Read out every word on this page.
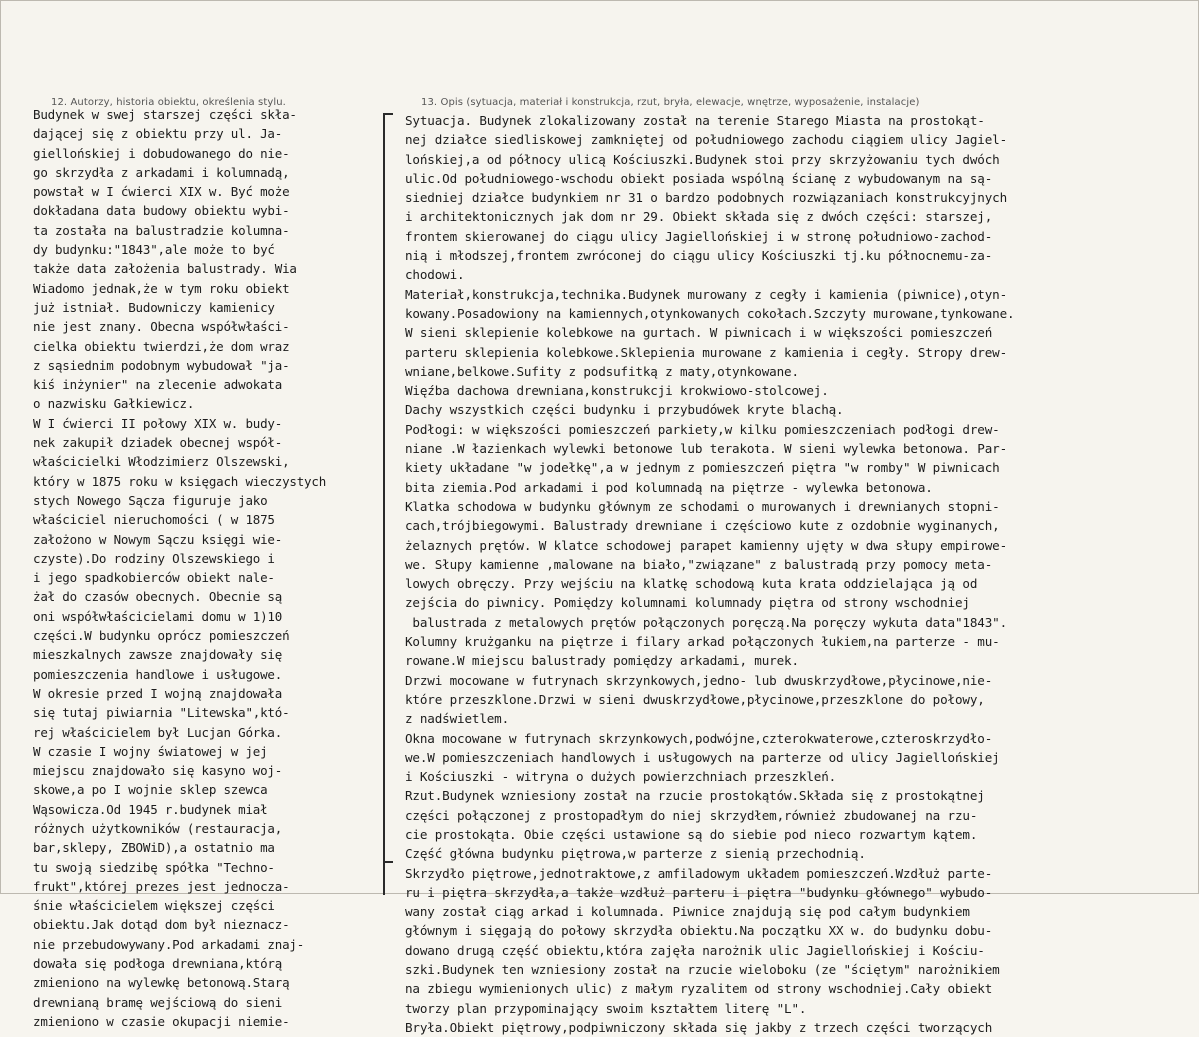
12. Autorzy, historia obiektu, określenia stylu.	13. Opis (sytuacja, materiał i konstrukcja, rzut, bryła, elewacje, wnętrze, wyposażenie, instalacje)
Budynek w swej starszej części skła-
dającej się z obiektu przy ul. Ja-
giellońskiej i dobudowanego do nie-
go skrzydła z arkadami i kolumnadą,
powstał w I ćwierci XIX w. Być może
dokładana data budowy obiektu wybi-
ta została na balustradzie kolumna-
dy budynku:"1843",ale może to być
także data założenia balustrady. Wia
Wiadomo jednak,że w tym roku obiekt
już istniał. Budowniczy kamienicy
nie jest znany. Obecna współwłaści-
cielka obiektu twierdzi,że dom wraz
z sąsiednim podobnym wybudował "ja-
kiś inżynier" na zlecenie adwokata
o nazwisku Gałkiewicz.
W I ćwierci II połowy XIX w. budy-
nek zakupił dziadek obecnej współ-
właścicielki Włodzimierz Olszewski,
który w 1875 roku w księgach wieczystych
stych Nowego Sącza figuruje jako
właściciel nieruchomości ( w 1875
założono w Nowym Sączu księgi wie-
czyste).Do rodziny Olszewskiego i
i jego spadkobierców obiekt nale-
żał do czasów obecnych. Obecnie są
oni współwłaścicielami domu w 1)10
części.W budynku oprócz pomieszczeń
mieszkalnych zawsze znajdowały się
pomieszczenia handlowe i usługowe.
W okresie przed I wojną znajdowała
się tutaj piwiarnia "Litewska",któ-
rej właścicielem był Lucjan Górka.
W czasie I wojny światowej w jej
miejscu znajdowało się kasyno woj-
skowe,a po I wojnie sklep szewca
Wąsowicza.Od 1945 r.budynek miał
różnych użytkowników (restauracja,
bar,sklepy, ZBOWiD),a ostatnio ma
tu swoją siedzibę spółka "Techno-
frukt",której prezes jest jednocza-
śnie właścicielem większej części
obiektu.Jak dotąd dom był nieznacz-
nie przebudowywany.Pod arkadami znaj-
dowała się podłoga drewniana,którą
zmieniono na wylewkę betonową.Starą
drewnianą bramę wejściową do sieni
zmieniono w czasie okupacji niemie-
Sytuacja. Budynek zlokalizowany został na terenie Starego Miasta na prostokąt-
nej działce siedliskowej zamkniętej od południowego zachodu ciągiem ulicy Jagiel-
lońskiej,a od północy ulicą Kościuszki.Budynek stoi przy skrzyżowaniu tych dwóch
ulic.Od południowego-wschodu obiekt posiada wspólną ścianę z wybudowanym na są-
siedniej działce budynkiem nr 31 o bardzo podobnych rozwiązaniach konstrukcyjnych
i architektonicznych jak dom nr 29. Obiekt składa się z dwóch części: starszej,
frontem skierowanej do ciągu ulicy Jagiellońskiej i w stronę południowo-zachod-
nią i młodszej,frontem zwróconej do ciągu ulicy Kościuszki tj.ku północnemu-za-
chodowi.
Materiał,konstrukcja,technika.Budynek murowany z cegły i kamienia (piwnice),otyn-
kowany.Posadowiony na kamiennych,otynkowanych cokołach.Szczyty murowane,tynkowane.
W sieni sklepienie kolebkowe na gurtach. W piwnicach i w większości pomieszczeń
parteru sklepienia kolebkowe.Sklepienia murowane z kamienia i cegły. Stropy drew-
wniane,belkowe.Sufity z podsufitką z maty,otynkowane.
Więźba dachowa drewniana,konstrukcji krokwiowo-stolcowej.
Dachy wszystkich części budynku i przybudówek kryte blachą.
Podłogi: w większości pomieszczeń parkiety,w kilku pomieszczeniach podłogi drew-
niane .W łazienkach wylewki betonowe lub terakota. W sieni wylewka betonowa. Par-
kiety układane "w jodełkę",a w jednym z pomieszczeń piętra "w romby" W piwnicach
bita ziemia.Pod arkadami i pod kolumnadą na piętrze - wylewka betonowa.
Klatka schodowa w budynku głównym ze schodami o murowanych i drewnianych stopni-
cach,trójbiegowymi. Balustrady drewniane i częściowo kute z ozdobnie wyginanych,
żelaznych prętów. W klatce schodowej parapet kamienny ujęty w dwa słupy empirowe-
we. Słupy kamienne ,malowane na biało,"związane" z balustradą przy pomocy meta-
lowych obręczy. Przy wejściu na klatkę schodową kuta krata oddzielająca ją od
zejścia do piwnicy. Pomiędzy kolumnami kolumnady piętra od strony wschodniej
balustrada z metalowych prętów połączonych poręczą.Na poręczy wykuta data"1843".
Kolumny krużganku na piętrze i filary arkad połączonych łukiem,na parterze - mu-
rowane.W miejscu balustrady pomiędzy arkadami, murek.
Drzwi mocowane w futrynach skrzynkowych,jedno- lub dwuskrzydłowe,płycinowe,nie-
które przeszklone.Drzwi w sieni dwuskrzydłowe,płycinowe,przeszklone do połowy,
z nadświetlem.
Okna mocowane w futrynach skrzynkowych,podwójne,czterokwaterowe,czteroskrzydło-
we.W pomieszczeniach handlowych i usługowych na parterze od ulicy Jagiellońskiej
i Kościuszki - witryna o dużych powierzchniach przeszkleń.
Rzut.Budynek wzniesiony został na rzucie prostokątów.Składa się z prostokątnej
części połączonej z prostopadłym do niej skrzydłem,również zbudowanej na rzu-
cie prostokąta. Obie części ustawione są do siebie pod nieco rozwartym kątem.
Część główna budynku piętrowa,w parterze z sienią przechodnią.
Skrzydło piętrowe,jednotraktowe,z amfiladowym układem pomieszczeń.Wzdłuż parte-
ru i piętra skrzydła,a także wzdłuż parteru i piętra "budynku głównego" wybudo-
wany został ciąg arkad i kolumnada. Piwnice znajdują się pod całym budynkiem
głównym i sięgają do połowy skrzydła obiektu.Na początku XX w. do budynku dobu-
dowano drugą część obiektu,która zajęła narożnik ulic Jagiellońskiej i Kościu-
szki.Budynek ten wzniesiony został na rzucie wieloboku (ze "ściętym" narożnikiem
na zbiegu wymienionych ulic) z małym ryzalitem od strony wschodniej.Cały obiekt
tworzy plan przypominający swoim kształtem literę "L".
Bryła.Obiekt piętrowy,podpiwniczony składa się jakby z trzech części tworzących
